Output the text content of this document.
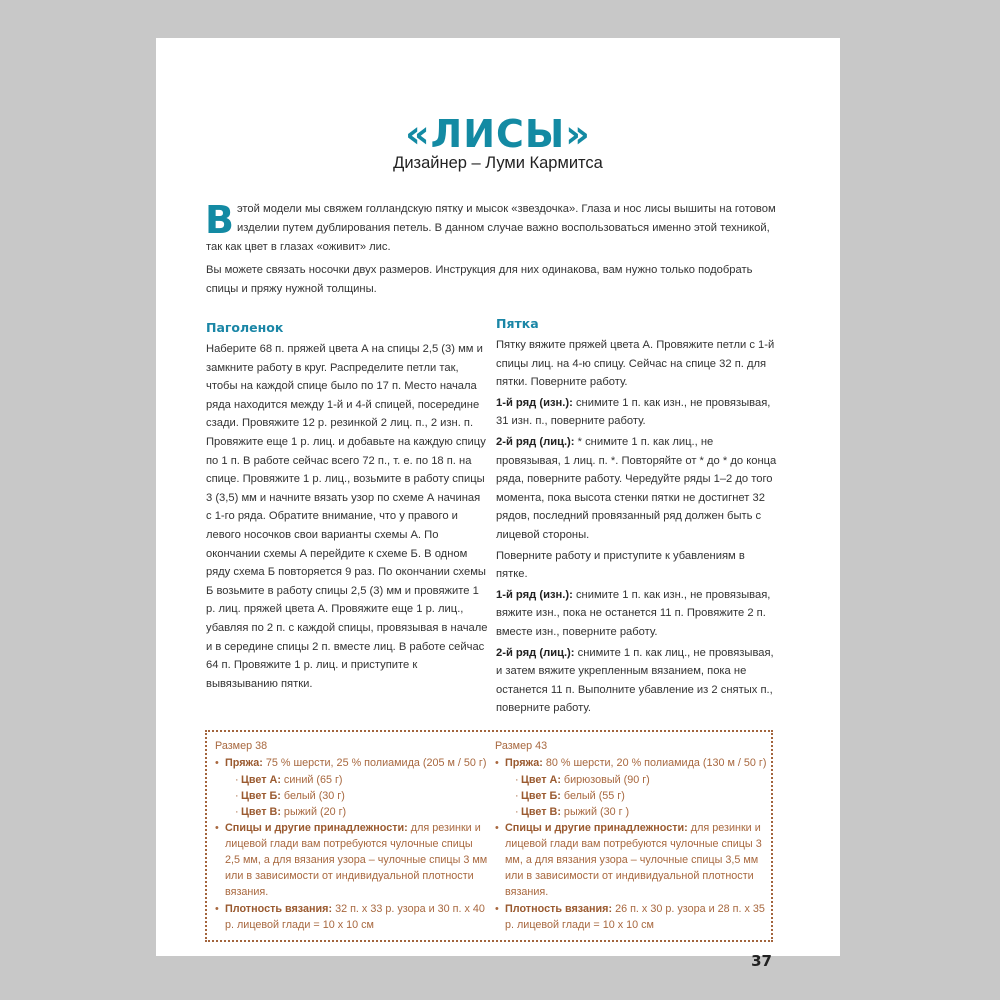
«ЛИСЫ»
Дизайнер – Луми Кармитса

Вэтой модели мы свяжем голландскую пятку и мысок «звездочка». Глаза и нос лисы вышиты на готовом изделии путем дублирования петель. В данном случае важно воспользоваться именно этой техникой, так как цвет в глазах «оживит» лис.

Вы можете связать носочки двух размеров. Инструкция для них одинакова, вам нужно только подобрать спицы и пряжу нужной толщины.

Паголенок

Наберите 68 п. пряжей цвета А на спицы 2,5 (3) мм и замкните работу в круг. Распределите петли так, чтобы на каждой спице было по 17 п. Место начала ряда находится между 1-й и 4-й спицей, посередине сзади. Провяжите 12 р. резинкой 2 лиц. п., 2 изн. п. Провяжите еще 1 р. лиц. и добавьте на каждую спицу по 1 п. В работе сейчас всего 72 п., т. е. по 18 п. на спице. Провяжите 1 р. лиц., возьмите в работу спицы 3 (3,5) мм и начните вязать узор по схеме А начиная с 1-го ряда. Обратите внимание, что у правого и левого носочков свои варианты схемы А. По окончании схемы А перейдите к схеме Б. В одном ряду схема Б повторяется 9 раз. По окончании схемы Б возьмите в работу спицы 2,5 (3) мм и провяжите 1 р. лиц. пряжей цвета А. Провяжите еще 1 р. лиц., убавляя по 2 п. с каждой спицы, провязывая в начале и в середине спицы 2 п. вместе лиц. В работе сейчас 64 п. Провяжите 1 р. лиц. и приступите к вывязыванию пятки.

Пятка

Пятку вяжите пряжей цвета А. Провяжите петли с 1-й спицы лиц. на 4-ю спицу. Сейчас на спице 32 п. для пятки. Поверните работу.

1-й ряд (изн.): снимите 1 п. как изн., не провязывая, 31 изн. п., поверните работу.

2-й ряд (лиц.): * снимите 1 п. как лиц., не провязывая, 1 лиц. п. *. Повторяйте от * до * до конца ряда, поверните работу. Чередуйте ряды 1–2 до того момента, пока высота стенки пятки не достигнет 32 рядов, последний провязанный ряд должен быть с лицевой стороны.

Поверните работу и приступите к убавлениям в пятке.

1-й ряд (изн.): снимите 1 п. как изн., не провязывая, вяжите изн., пока не останется 11 п. Провяжите 2 п. вместе изн., поверните работу.

2-й ряд (лиц.): снимите 1 п. как лиц., не провязывая, и затем вяжите укрепленным вязанием, пока не останется 11 п. Выполните убавление из 2 снятых п., поверните работу.

Размер 38
• Пряжа: 75 % шерсти, 25 % полиамида (205 м / 50 г)
· Цвет А: синий (65 г)
· Цвет Б: белый (30 г)
· Цвет В: рыжий (20 г)
• Спицы и другие принадлежности: для резинки и лицевой глади вам потребуются чулочные спицы 2,5 мм, а для вязания узора – чулочные спицы 3 мм или в зависимости от индивидуальной плотности вязания.
• Плотность вязания: 32 п. х 33 р. узора и 30 п. х 40 р. лицевой глади = 10 х 10 см
Размер 43
• Пряжа: 80 % шерсти, 20 % полиамида (130 м / 50 г)
· Цвет А: бирюзовый (90 г)
· Цвет Б: белый (55 г)
· Цвет В: рыжий (30 г )
• Спицы и другие принадлежности: для резинки и лицевой глади вам потребуются чулочные спицы 3 мм, а для вязания узора – чулочные спицы 3,5 мм или в зависимости от индивидуальной плотности вязания.
• Плотность вязания: 26 п. х 30 р. узора и 28 п. х 35 р. лицевой глади = 10 х 10 см
37
